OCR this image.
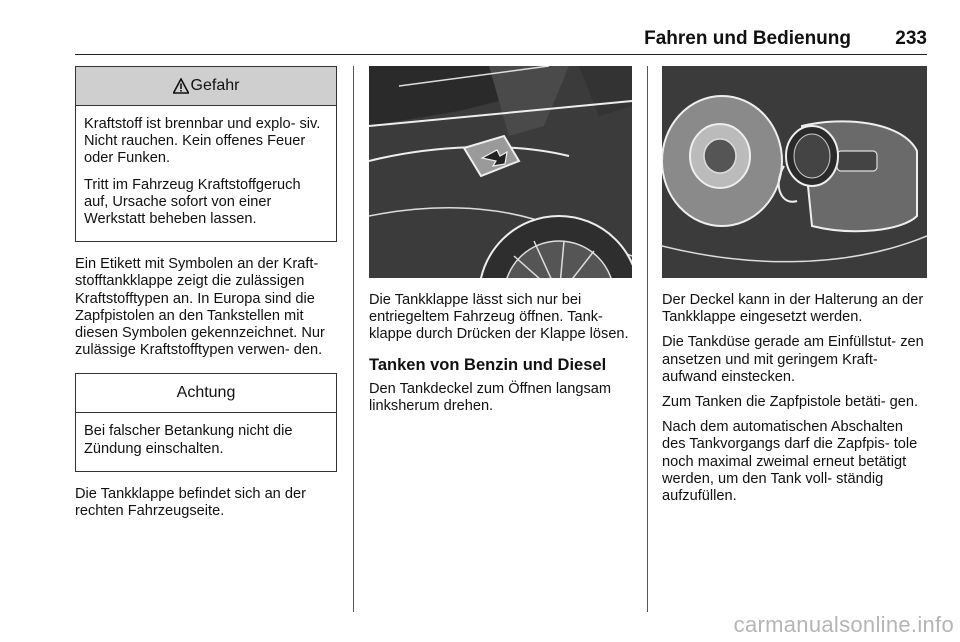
Fahren und Bedienung 233
Gefahr

Kraftstoff ist brennbar und explo- siv. Nicht rauchen. Kein offenes Feuer oder Funken.

Tritt im Fahrzeug Kraftstoffgeruch auf, Ursache sofort von einer Werkstatt beheben lassen.

Ein Etikett mit Symbolen an der Kraft- stofftankklappe zeigt die zulässigen Kraftstofftypen an. In Europa sind die Zapfpistolen an den Tankstellen mit diesen Symbolen gekennzeichnet. Nur zulässige Kraftstofftypen verwen- den.

Achtung

Bei falscher Betankung nicht die Zündung einschalten.

Die Tankklappe befindet sich an der rechten Fahrzeugseite.

Die Tankklappe lässt sich nur bei entriegeltem Fahrzeug öffnen. Tank- klappe durch Drücken der Klappe lösen.

Tanken von Benzin und Diesel

Den Tankdeckel zum Öffnen langsam linksherum drehen.

Der Deckel kann in der Halterung an der Tankklappe eingesetzt werden.

Die Tankdüse gerade am Einfüllstut- zen ansetzen und mit geringem Kraft- aufwand einstecken.

Zum Tanken die Zapfpistole betäti- gen.

Nach dem automatischen Abschalten des Tankvorgangs darf die Zapfpis- tole noch maximal zweimal erneut betätigt werden, um den Tank voll- ständig aufzufüllen.

carmanualsonline.info
